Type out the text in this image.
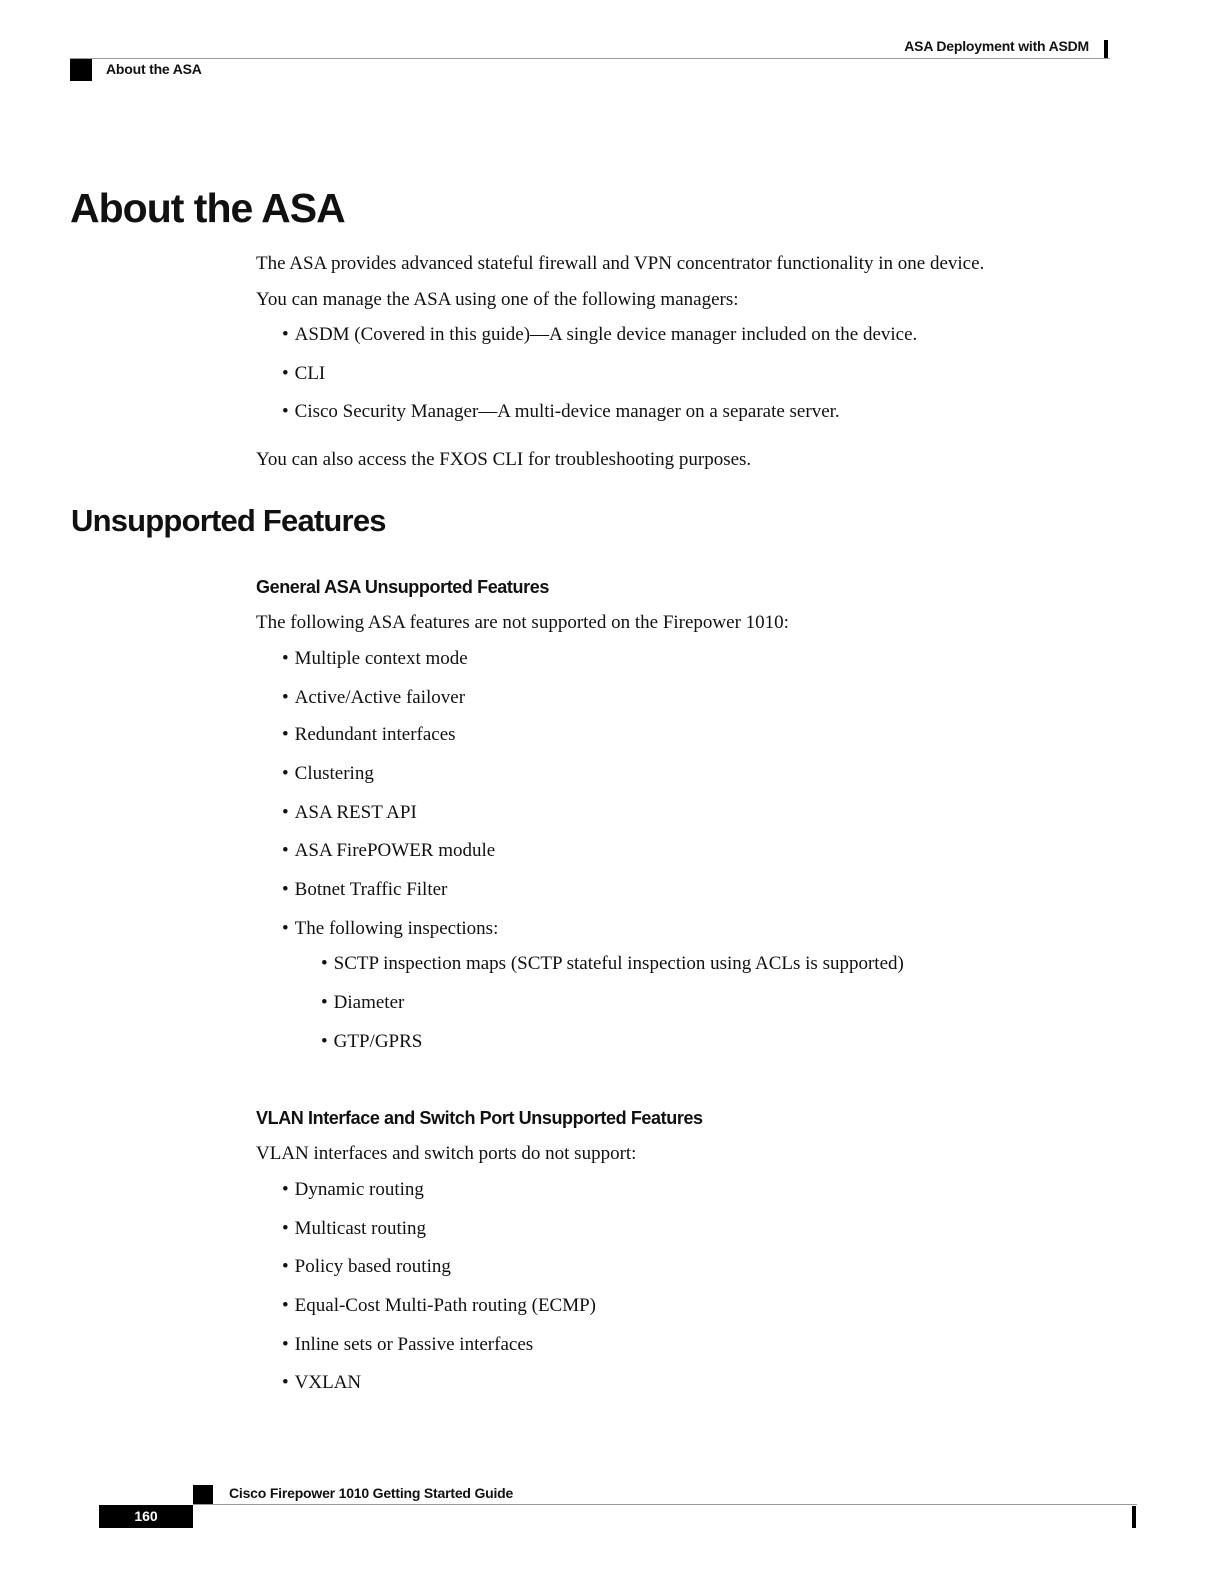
ASA Deployment with ASDM
About the ASA
About the ASA

The ASA provides advanced stateful firewall and VPN concentrator functionality in one device.

You can manage the ASA using one of the following managers:

• ASDM (Covered in this guide)—A single device manager included on the device.
• CLI
• Cisco Security Manager—A multi-device manager on a separate server.

You can also access the FXOS CLI for troubleshooting purposes.

Unsupported Features
General ASA Unsupported Features

The following ASA features are not supported on the Firepower 1010:

• Multiple context mode
• Active/Active failover
• Redundant interfaces
• Clustering
• ASA REST API
• ASA FirePOWER module
• Botnet Traffic Filter
• The following inspections:
• SCTP inspection maps (SCTP stateful inspection using ACLs is supported)
• Diameter
• GTP/GPRS
VLAN Interface and Switch Port Unsupported Features

VLAN interfaces and switch ports do not support:

• Dynamic routing
• Multicast routing
• Policy based routing
• Equal-Cost Multi-Path routing (ECMP)
• Inline sets or Passive interfaces
• VXLAN
Cisco Firepower 1010 Getting Started Guide
160
